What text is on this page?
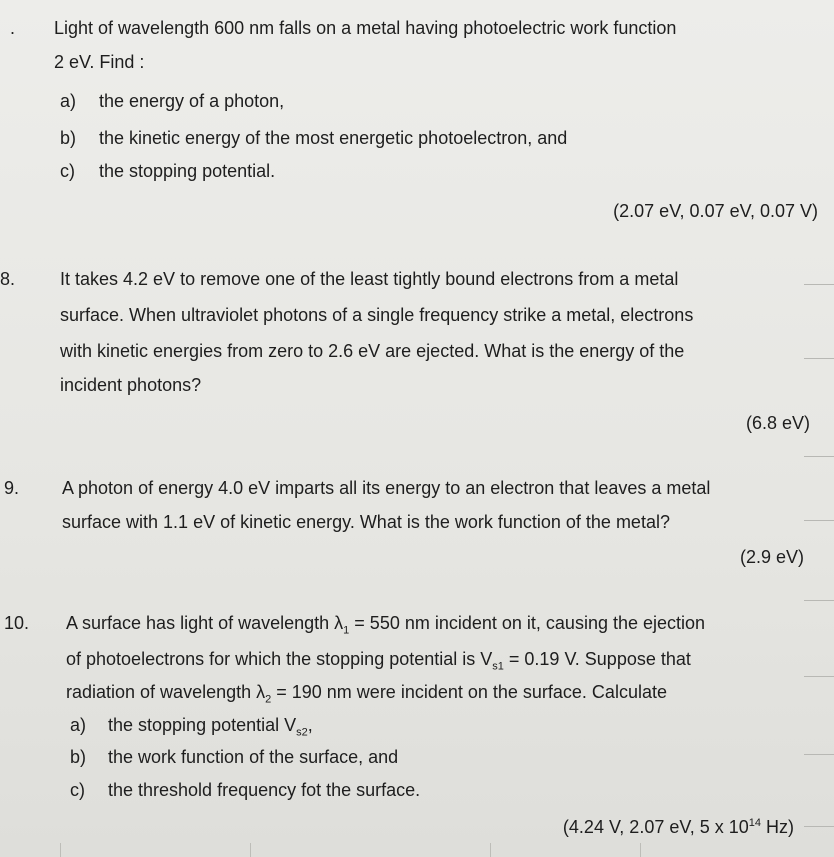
. Light of wavelength 600 nm falls on a metal having photoelectric work function
2 eV. Find :
a) the energy of a photon,
b) the kinetic energy of the most energetic photoelectron, and
c) the stopping potential.
(2.07 eV, 0.07 eV, 0.07 V)
8. It takes 4.2 eV to remove one of the least tightly bound electrons from a metal
surface. When ultraviolet photons of a single frequency strike a metal, electrons
with kinetic energies from zero to 2.6 eV are ejected. What is the energy of the
incident photons?
(6.8 eV)
9. A photon of energy 4.0 eV imparts all its energy to an electron that leaves a metal
surface with 1.1 eV of kinetic energy. What is the work function of the metal?
(2.9 eV)
10. A surface has light of wavelength $\lambda_1 = 550$ nm incident on it, causing the ejection
of photoelectrons for which the stopping potential is $V_{s1} = 0.19$ V. Suppose that
radiation of wavelength $\lambda_2 = 190$ nm were incident on the surface. Calculate
a) the stopping potential $V_{s2}$,
b) the work function of the surface, and
c) the threshold frequency fot the surface.
(4.24 V, 2.07 eV, 5 x $10^{14}$ Hz)
